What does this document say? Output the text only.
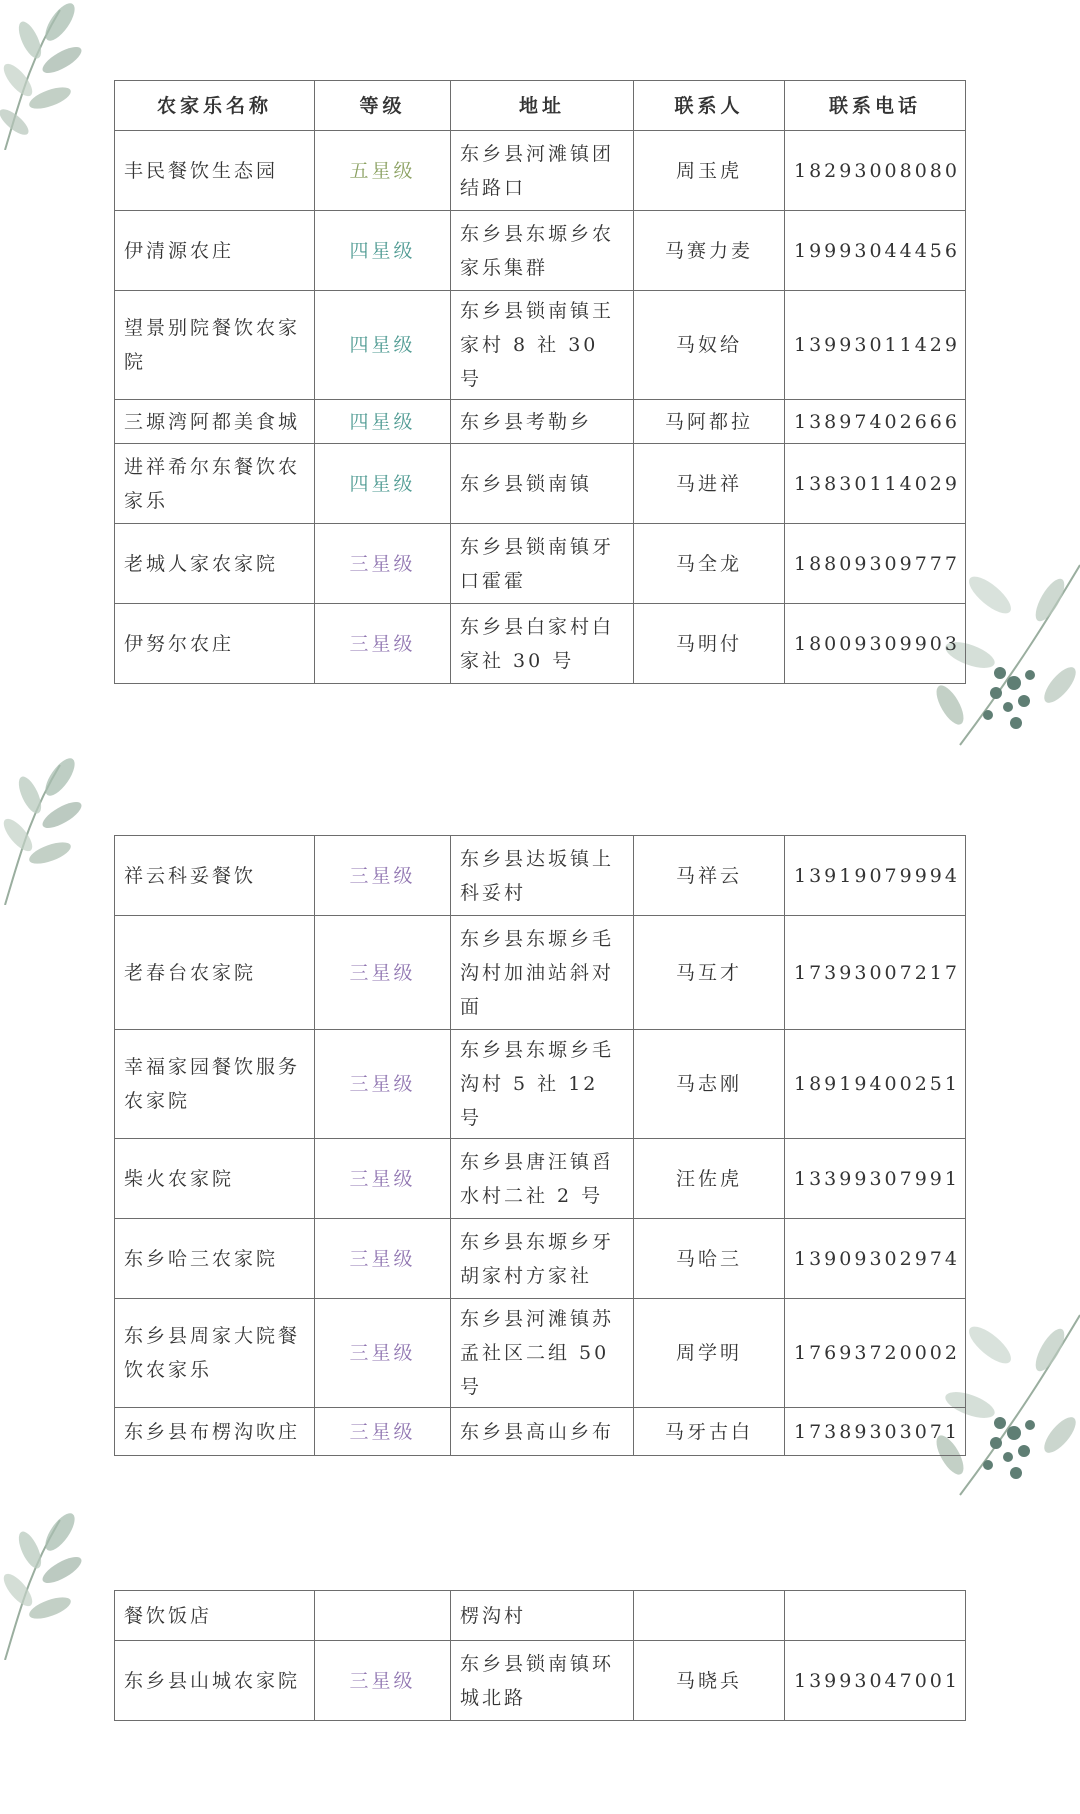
农家乐名称	等级	地址	联系人	联系电话
丰民餐饮生态园	五星级	东乡县河滩镇团结路口	周玉虎	18293008080
伊清源农庄	四星级	东乡县东塬乡农家乐集群	马赛力麦	19993044456
望景别院餐饮农家院	四星级	东乡县锁南镇王家村 8 社 30 号	马奴给	13993011429
三塬湾阿都美食城	四星级	东乡县考勒乡	马阿都拉	13897402666
进祥希尔东餐饮农家乐	四星级	东乡县锁南镇	马进祥	13830114029
老城人家农家院	三星级	东乡县锁南镇牙口霍霍	马全龙	18809309777
伊努尔农庄	三星级	东乡县白家村白家社 30 号	马明付	18009309903
祥云科妥餐饮	三星级	东乡县达坂镇上科妥村	马祥云	13919079994
老春台农家院	三星级	东乡县东塬乡毛沟村加油站斜对面	马互才	17393007217
幸福家园餐饮服务农家院	三星级	东乡县东塬乡毛沟村 5 社 12 号	马志刚	18919400251
柴火农家院	三星级	东乡县唐汪镇舀水村二社 2 号	汪佐虎	13399307991
东乡哈三农家院	三星级	东乡县东塬乡牙胡家村方家社	马哈三	13909302974
东乡县周家大院餐饮农家乐	三星级	东乡县河滩镇苏孟社区二组 50 号	周学明	17693720002
东乡县布楞沟吹庄	三星级	东乡县高山乡布	马牙古白	17389303071
餐饮饭店		楞沟村		
东乡县山城农家院	三星级	东乡县锁南镇环城北路	马晓兵	13993047001
